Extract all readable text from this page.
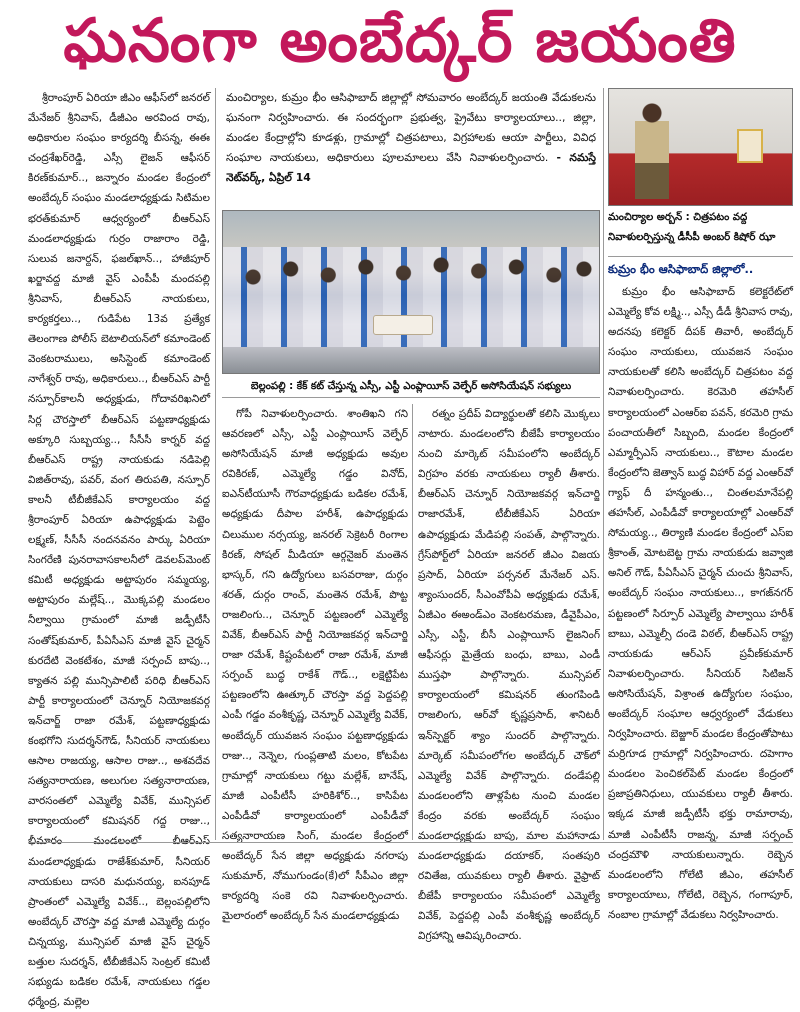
ఘనంగా అంబేద్కర్ జయంతి
మంచిర్యాల, కుమ్రం భీం ఆసిఫాబాద్ జిల్లాల్లో సోమవారం అంబేద్కర్ జయంతి వేడుకలను ఘనంగా నిర్వహించారు. ఈ సందర్భంగా ప్రభుత్వ, ప్రైవేటు కార్యాలయాలు.., జిల్లా, మండల కేంద్రాల్లోని కూడళ్లు, గ్రామాల్లో చిత్రపటాలు, విగ్రహాలకు ఆయా పార్టీలు, వివిధ సంఘాల నాయకులు, అధికారులు పూలమాలలు వేసి నివాళులర్పించారు. - నమస్తే నెట్‌వర్క్, ఏప్రిల్ 14
బెల్లంపల్లి : కేక్ కట్ చేస్తున్న ఎస్సీ, ఎస్టీ ఎంప్లాయీస్ వెల్ఫేర్ అసోసియేషన్ సభ్యులు
మంచిర్యాల అర్బన్ : చిత్రపటం వద్ద నివాళులర్పిస్తున్న డీసీపీ అంబర్ కిషోర్ ఝా
కుమ్రం భీం ఆసిఫాబాద్ జిల్లాలో..

శ్రీరాంపూర్ ఏరియా జీఎం ఆఫీస్‌లో జనరల్ మేనేజర్ శ్రీనివాస్, డీజీఎం అరవింద రావు, అధికారుల సంఘం కార్యదర్శి బీసన్న, ఈఈ చంద్రశేఖర్‌రెడ్డి, ఎస్సీ లైజన్ ఆఫీసర్ కిరణ్‌కుమార్.., జన్నారం మండల కేంద్రంలో అంబేద్కర్ సంఘం మండలాధ్యక్షుడు సిటిమల భరత్‌కుమార్ ఆధ్వర్యంలో బీఆర్ఎస్ మండలాధ్యక్షుడు గుర్రం రాజారాం రెడ్డి, సులువ జనార్దన్, ఫజల్‌ఖాన్.., హాజీపూర్ ఖర్జావద్ద మాజీ వైస్ ఎంపీపీ మందపల్లి శ్రీనివాస్, బీఆర్ఎస్ నాయకులు, కార్యకర్తలు.., గుడిపేట 13వ ప్రత్యేక తెలంగాణ పోలీస్ బెటాలియన్‌లో కమాండెంట్ వెంకటరాములు, అసిస్టెంట్ కమాండెంట్ నాగేశ్వర్ రావు, అధికారులు.., బీఆర్ఎస్ పార్టీ నస్పూర్‌కాలనీ అధ్యక్షుడు, గోదావరిఖనిలో సిర్ల చౌరస్తాలో బీఆర్ఎస్ పట్టణాధ్యక్షుడు అక్కూరి సుబ్బయ్య.., సీసీసీ కార్నర్ వద్ద బీఆర్ఎస్ రాష్ట్ర నాయకుడు నడిపెల్లి విజిత్‌రావు, పవర్, వంగ తిరుపతి, నస్పూర్ కాలనీ టీబీజీకేఎస్ కార్యాలయం వద్ద శ్రీరాంపూర్ ఏరియా ఉపాధ్యక్షుడు పెట్టెం లక్ష్మణ్, సీసీసీ నందనవనం పార్కు ఏరియా సింగరేణి పునరావాసకాలనీలో డెవలప్‌మెంట్ కమిటీ అధ్యక్షుడు అట్టాపురం సమ్మయ్య, అట్టాపురం మల్లేష్.., మొక్కపల్లి మండలం నీల్వాయి గ్రామంలో మాజీ జడ్పీటీసీ సంతోష్‌కుమార్, పీఏసీఎస్ మాజీ వైస్ చైర్మన్ కురదేటి వెంకటేశం, మాజీ సర్పంచ్ బాపు.., క్యాతన పల్లి మున్సిపాలిటీ పరిధి బీఆర్ఎస్ పార్టీ కార్యాలయంలో చెన్నూర్ నియోజకవర్గ ఇన్‌చార్జ్ రాజా రమేశ్, పట్టణాధ్యక్షుడు కంభగోని సుదర్శన్‌గౌడ్, సీనియర్ నాయకులు ఆసాల రాజయ్య, ఆసాల రాజు.., అశవదేవ సత్యనారాయణ, అలుగుల సత్యనారాయణ, వారసంతలో ఎమ్మెల్యే వివేక్, మున్సిపల్ కార్యాలయంలో కమిషనర్ గద్ద రాజు.., మండలాధ్యక్షుడు రాజేశ్‌కుమార్, సీనియర్ నాయకులు దాసరి మధునయ్య, ఐనపూడ్ ప్రాంతంలో ఎమ్మెల్యే వివేక్.., బెల్లంపల్లిలోని అంబేద్కర్ చౌరస్తా వద్ద మాజీ ఎమ్మెల్యే దుర్గం చిన్నయ్య, మున్సిపల్ మాజీ వైస్ చైర్మన్ బత్తుల సుదర్శన్, టీబీజీకేఎస్ సెంట్రల్ కమిటీ సభ్యుడు బడికల రమేశ్, నాయకులు గడ్డల ధర్మేంద్ర, మల్లెల

గోపీ నివాళులర్పించారు. శాంతిఖని గని ఆవరణలో ఎస్సీ, ఎస్టీ ఎంప్లాయీస్ వెల్ఫేర్ అసోసియేషన్ మాజీ అధ్యక్షుడు అవుల రవికిరణ్, ఎమ్మెల్యే గడ్డం వినోద్, ఐఎన్‌టీయూసీ గౌరవాధ్యక్షుడు బడికల రమేశ్, అధ్యక్షుడు దీపాల హరీశ్, ఉపాధ్యక్షుడు చిలుముల నర్సయ్య, జనరల్ సెక్రెటరీ రింగాల కిరణ్, సోషల్ మీడియా ఆర్గనైజర్ మంతెన భాస్కర్, గని ఉద్యోగులు బసవరాజు, దుర్గం శరత్, దుర్గం రాంచ్, మంతెన రమేశ్, పొట్ట రాజలింగు.., చెన్నూర్ పట్టణంలో ఎమ్మెల్యే వివేక్, బీఆర్ఎస్ పార్టీ నియోజకవర్గ ఇన్‌చార్జి రాజా రమేశ్, కిష్టంపేటలో రాజా రమేశ్, మాజీ సర్పంచ్ బుద్ధ రాకేశ్ గౌడ్.., లక్షెట్టిపేట పట్టణంలోని ఊత్కూర్ చౌరస్తా వద్ద పెద్దపల్లి ఎంపీ గడ్డం వంశీకృష్ణ, చెన్నూర్ ఎమ్మెల్యే వివేక్, అంబేద్కర్ యువజన సంఘం పట్టణాధ్యక్షుడు రాజు.., నెన్నెల, గుంప్లతాటి మలం, కోటపేట గ్రామాల్లో నాయకులు గట్టు మల్లేశ్, బానేష్, మాజీ ఎంపీటీసీ హరికిశోర్.., కాసిపేట ఎంపీడీవో కార్యాలయంలో ఎంపీడీవో సత్యనారాయణ సింగ్, మండల కేంద్రంలో అంబేద్కర్ సేన జిల్లా అధ్యక్షుడు నగరాపు సుకుమార్, నోముగుండం(కే)లో సీపీఎం జిల్లా కార్యదర్శి సంకె రవి నివాళులర్పించారు. మైలారంలో అంబేద్కర్ సేన మండలాధ్యక్షుడు

రత్నం ప్రదీప్ విద్యార్థులతో కలిసి మొక్కలు నాటారు. మండలంలోని బీజేపీ కార్యాలయం నుంచి మార్కెట్ సమీపంలోని అంబేద్కర్ విగ్రహం వరకు నాయకులు ర్యాలీ తీశారు. బీఆర్ఎస్ చెన్నూర్ నియోజకవర్గ ఇన్‌చార్జి రాజారమేశ్, టీబీజీకేఎస్ ఏరియా ఉపాధ్యక్షుడు మేడిపల్లి సంపత్, పాల్గొన్నారు. గ్రేస్‌పోర్ట్‌లో ఏరియా జనరల్ జీఎం విజయ ప్రసాద్, ఏరియా పర్సనల్ మేనేజర్ ఎస్. శ్యాంసుందర్, సీఎంవోపీఏ అధ్యక్షుడు రమేశ్, ఏజీఎం ఈఅండ్‌ఎం వెంకటరమణ, డీవైపీఎం, ఎస్సీ, ఎస్టీ, బీసీ ఎంప్లాయీస్ లైజనింగ్ ఆఫీసర్లు మైత్రేయ బంధు, బాబు, ఎండీ ముస్తఫా పాల్గొన్నారు. మున్సిపల్ కార్యాలయంలో కమిషనర్ తుంగపిండి రాజలింగు, ఆర్‌వో కృష్ణప్రసాద్, శానిటరీ ఇన్‌స్పెక్టర్ శ్యాం సుందర్ పాల్గొన్నారు. మార్కెట్ సమీపంలోగల అంబేద్కర్ చౌక్‌లో ఎమ్మెల్యే వివేక్ పాల్గొన్నారు. దండేపల్లి మండలంలోని తాళ్లపేట నుంచి మండల కేంద్రం వరకు అంబేద్కర్ సంఘం మండలాధ్యక్షుడు బాపు, మాల మహానాడు మండలాధ్యక్షుడు దయాకర్, సంతపురి రవితేజ, యువకులు ర్యాలీ తీశారు. వైఫ్రాట్ బీజేపీ కార్యాలయం సమీపంలో ఎమ్మెల్యే వివేక్, పెద్దపల్లి ఎంపీ వంశీకృష్ణ అంబేద్కర్ విగ్రహాన్ని ఆవిష్కరించారు.

కుమ్రం భీం ఆసిఫాబాద్ కలెక్టరేట్‌లో ఎమ్మెల్యే కోవ లక్ష్మి.., ఎస్సీ డీడీ శ్రీనివాస రావు, అదనపు కలెక్టర్ దీపక్ తివారీ, అంబేద్కర్ సంఘం నాయకులు, యువజన సంఘం నాయకులతో కలిసి అంబేద్కర్ చిత్రపటం వద్ద నివాళులర్పించారు. కెరమెరి తహసీల్ కార్యాలయంలో ఎంఆర్‌ఐ పవన్, కరమెరి గ్రామ పంచాయతీలో సిబ్బంది, మండల కేంద్రంలో ఎమ్మార్పీఎస్ నాయకులు.., కౌటాల మండల కేంద్రంలోని జెత్వాన్ బుద్ధ విహార్ వద్ద ఎంఆర్‌వో గ్యాఫ్ దీ హన్మంతు.., చింతలమానేపల్లి తహసీల్, ఎంపీడీవో కార్యాలయాల్లో ఎంఆర్‌వో సోమయ్య.., తిర్యాణి మండల కేంద్రంలో ఎస్‌ఐ శ్రీకాంత్, మోటబెట్ట గ్రామ నాయకుడు జవ్వాజి అనిల్ గౌడ్, పీఏసీఎస్ చైర్మన్ చుంచు శ్రీనివాస్, అంబేద్కర్ సంఘం నాయకులు.., కాగజ్‌నగర్ పట్టణంలో సిర్పూర్ ఎమ్మెల్యే పాల్వాయి హరీశ్ బాబు, ఎమ్మెల్సీ దండె విఠల్, బీఆర్ఎస్ రాష్ట్ర నాయకుడు ఆర్ఎస్ ప్రవీణ్‌కుమార్ నివాళులర్పించారు. సీనియర్ సిటిజన్ అసోసియేషన్, విశ్రాంత ఉద్యోగుల సంఘం, అంబేద్కర్ సంఘాల ఆధ్వర్యంలో వేడుకలు నిర్వహించారు. బెజ్జూర్ మండల కేంద్రంతోపాటు మర్రిగూడ గ్రామాల్లో నిర్వహించారు. దహెగాం మండలం పెంచికల్‌పేట్ మండల కేంద్రంలో ప్రజాప్రతినిధులు, యువకులు ర్యాలీ తీశారు. ఇక్కడ మాజీ జడ్పీటీసీ భక్తు రామారావు, మాజీ ఎంపీటీసీ రాజన్న, మాజీ సర్పంచ్ చంద్రమౌళి నాయకులున్నారు. రెబ్బెన మండలంలోని గోలేటి జీఎం, తహసీల్ కార్యాలయాలు, గోలేటి, రెబ్బెన, గంగాపూర్, నంబాల గ్రామాల్లో వేడుకలు నిర్వహించారు.
